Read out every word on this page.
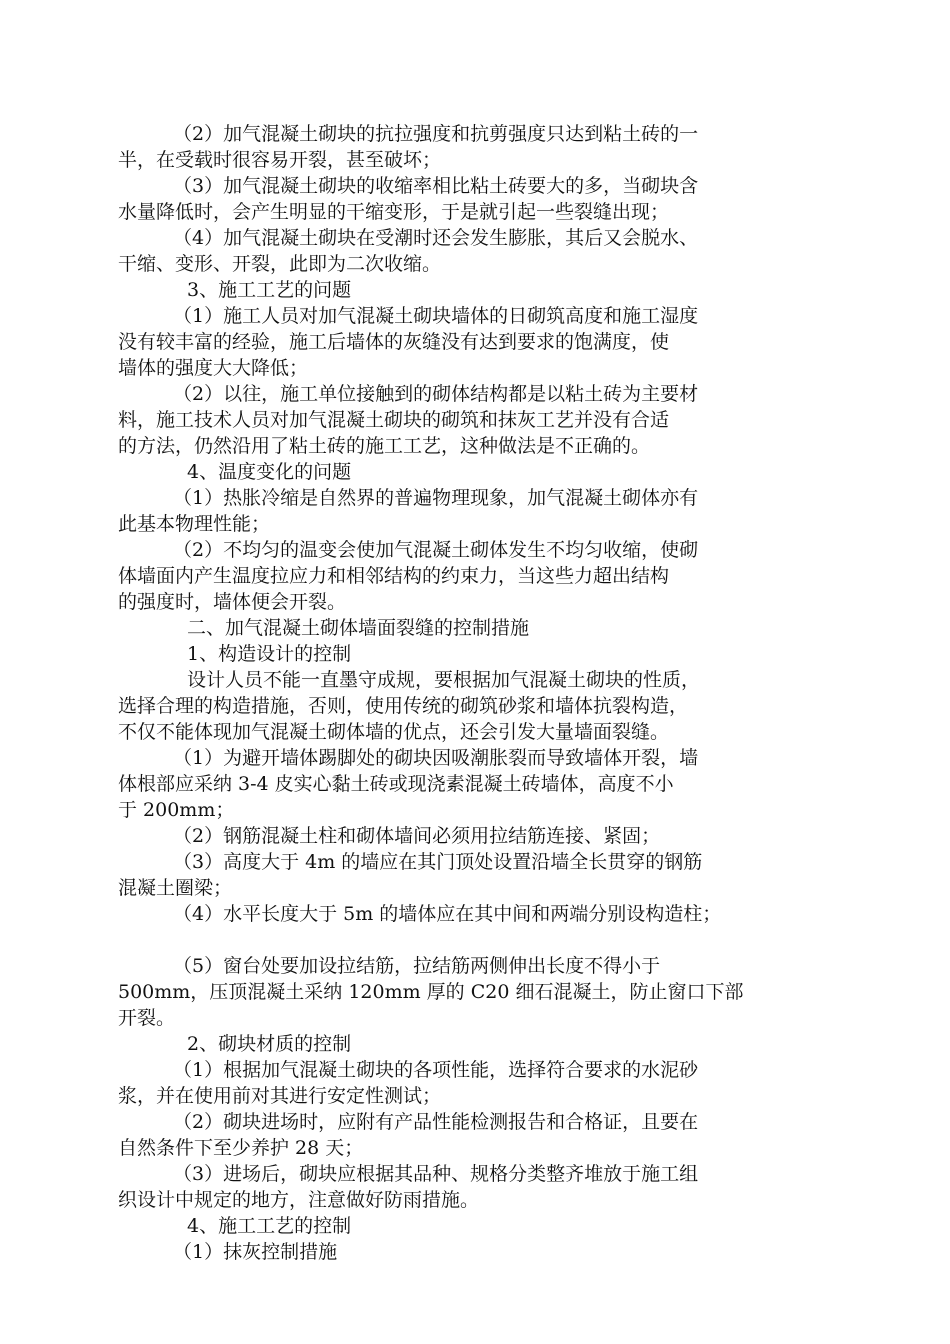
（2）加气混凝土砌块的抗拉强度和抗剪强度只达到粘土砖的一
半，在受载时很容易开裂，甚至破坏；
（3）加气混凝土砌块的收缩率相比粘土砖要大的多，当砌块含
水量降低时，会产生明显的干缩变形，于是就引起一些裂缝出现；
（4）加气混凝土砌块在受潮时还会发生膨胀，其后又会脱水、
干缩、变形、开裂，此即为二次收缩。
3、施工工艺的问题
（1）施工人员对加气混凝土砌块墙体的日砌筑高度和施工湿度
没有较丰富的经验，施工后墙体的灰缝没有达到要求的饱满度，使
墙体的强度大大降低；
（2）以往，施工单位接触到的砌体结构都是以粘土砖为主要材
料，施工技术人员对加气混凝土砌块的砌筑和抹灰工艺并没有合适
的方法，仍然沿用了粘土砖的施工工艺，这种做法是不正确的。
4、温度变化的问题
（1）热胀冷缩是自然界的普遍物理现象，加气混凝土砌体亦有
此基本物理性能；
（2）不均匀的温变会使加气混凝土砌体发生不均匀收缩，使砌
体墙面内产生温度拉应力和相邻结构的约束力，当这些力超出结构
的强度时，墙体便会开裂。
二、加气混凝土砌体墙面裂缝的控制措施
1、构造设计的控制
设计人员不能一直墨守成规，要根据加气混凝土砌块的性质，
选择合理的构造措施，否则，使用传统的砌筑砂浆和墙体抗裂构造，
不仅不能体现加气混凝土砌体墙的优点，还会引发大量墙面裂缝。
（1）为避开墙体踢脚处的砌块因吸潮胀裂而导致墙体开裂，墙
体根部应采纳 3-4 皮实心黏土砖或现浇素混凝土砖墙体，高度不小
于 200mm；
（2）钢筋混凝土柱和砌体墙间必须用拉结筋连接、紧固；
（3）高度大于 4m 的墙应在其门顶处设置沿墙全长贯穿的钢筋
混凝土圈梁；
（4）水平长度大于 5m 的墙体应在其中间和两端分别设构造柱；
（5）窗台处要加设拉结筋，拉结筋两侧伸出长度不得小于
500mm，压顶混凝土采纳 120mm 厚的 C20 细石混凝土，防止窗口下部
开裂。
2、砌块材质的控制
（1）根据加气混凝土砌块的各项性能，选择符合要求的水泥砂
浆，并在使用前对其进行安定性测试；
（2）砌块进场时，应附有产品性能检测报告和合格证，且要在
自然条件下至少养护 28 天；
（3）进场后，砌块应根据其品种、规格分类整齐堆放于施工组
织设计中规定的地方，注意做好防雨措施。
4、施工工艺的控制
（1）抹灰控制措施
